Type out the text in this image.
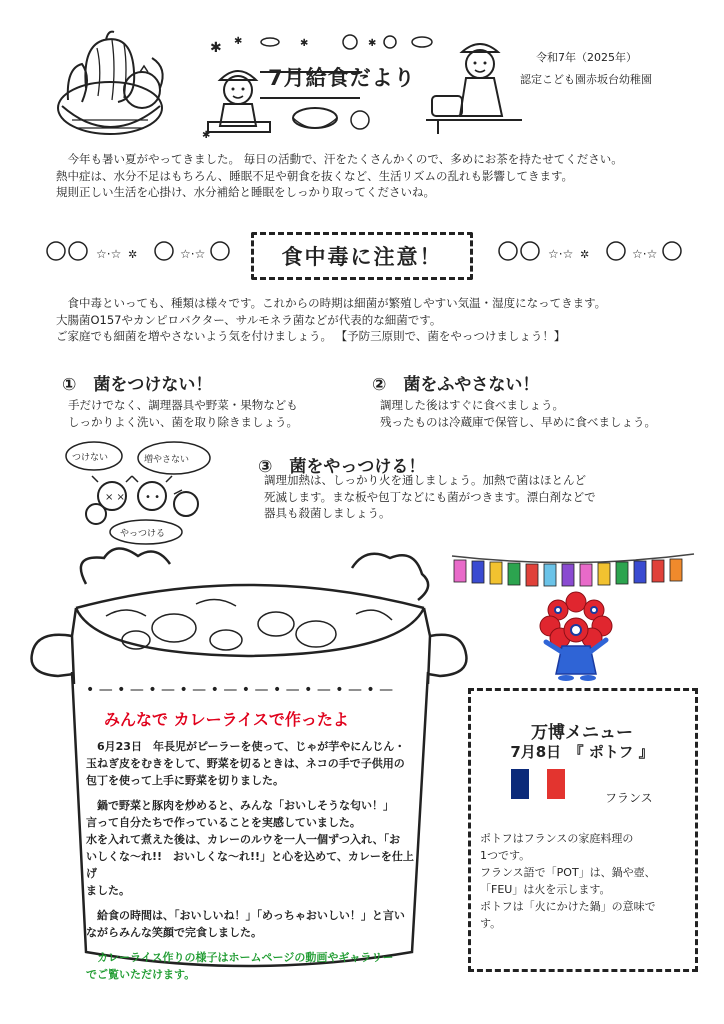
✱ ✱	✱	✱
✱
7月給食だより
令和7年（2025年）
認定こども園赤坂台幼稚園

今年も暑い夏がやってきました。 毎日の活動で、汗をたくさんかくので、多めにお茶を持たせてください。

熱中症は、水分不足はもちろん、睡眠不足や朝食を抜くなど、生活リズムの乱れも影響してきます。

規則正しい生活を心掛け、水分補給と睡眠をしっかり取ってくださいね。

☆·☆ ✲	☆·☆	食中毒に注意！	☆·☆ ✲	☆·☆

食中毒といっても、種類は様々です。これからの時期は細菌が繁殖しやすい気温・湿度になってきます。

大腸菌O157やカンピロバクター、サルモネラ菌などが代表的な細菌です。

ご家庭でも細菌を増やさないよう気を付けましょう。 【予防三原則で、菌をやっつけましょう！】

①　菌をつけない！

手だけでなく、調理器具や野菜・果物なども

しっかりよく洗い、菌を取り除きましょう。

②　菌をふやさない！

調理した後はすぐに食べましょう。

残ったものは冷蔵庫で保管し、早めに食べましょう。

つけない	増やさない
× × • •
やっつける
③　菌をやっつける！

調理加熱は、しっかり火を通しましょう。加熱で菌はほとんど

死滅します。まな板や包丁などにも菌がつきます。漂白剤などで

器具も殺菌しましょう。

• — • — • — • — • — • — • — • — • — • —
みんなで カレーライスで作ったよ

6月23日　年長児がピーラーを使って、じゃが芋やにんじん・

玉ねぎ皮をむきをして、野菜を切るときは、ネコの手で子供用の

包丁を使って上手に野菜を切りました。

鍋で野菜と豚肉を炒めると、みんな「おいしそうな匂い！」

言って自分たちで作っていることを実感していました。

水を入れて煮えた後は、カレーのルウを一人一個ずつ入れ、「お

いしくな～れ!!　おいしくな～れ!!」と心を込めて、カレーを仕上げ

ました。

給食の時間は、「おいしいね！」「めっちゃおいしい！」と言い

ながらみんな笑顔で完食しました。

カレーライス作りの様子はホームページの動画やギャラリー

でご覧いただけます。

万博メニュー
7月8日　『 ポトフ 』
フランス

ポトフはフランスの家庭料理の

1つです。

フランス語で「POT」は、鍋や壺、

「FEU」は火を示します。

ポトフは「火にかけた鍋」の意味で

す。
